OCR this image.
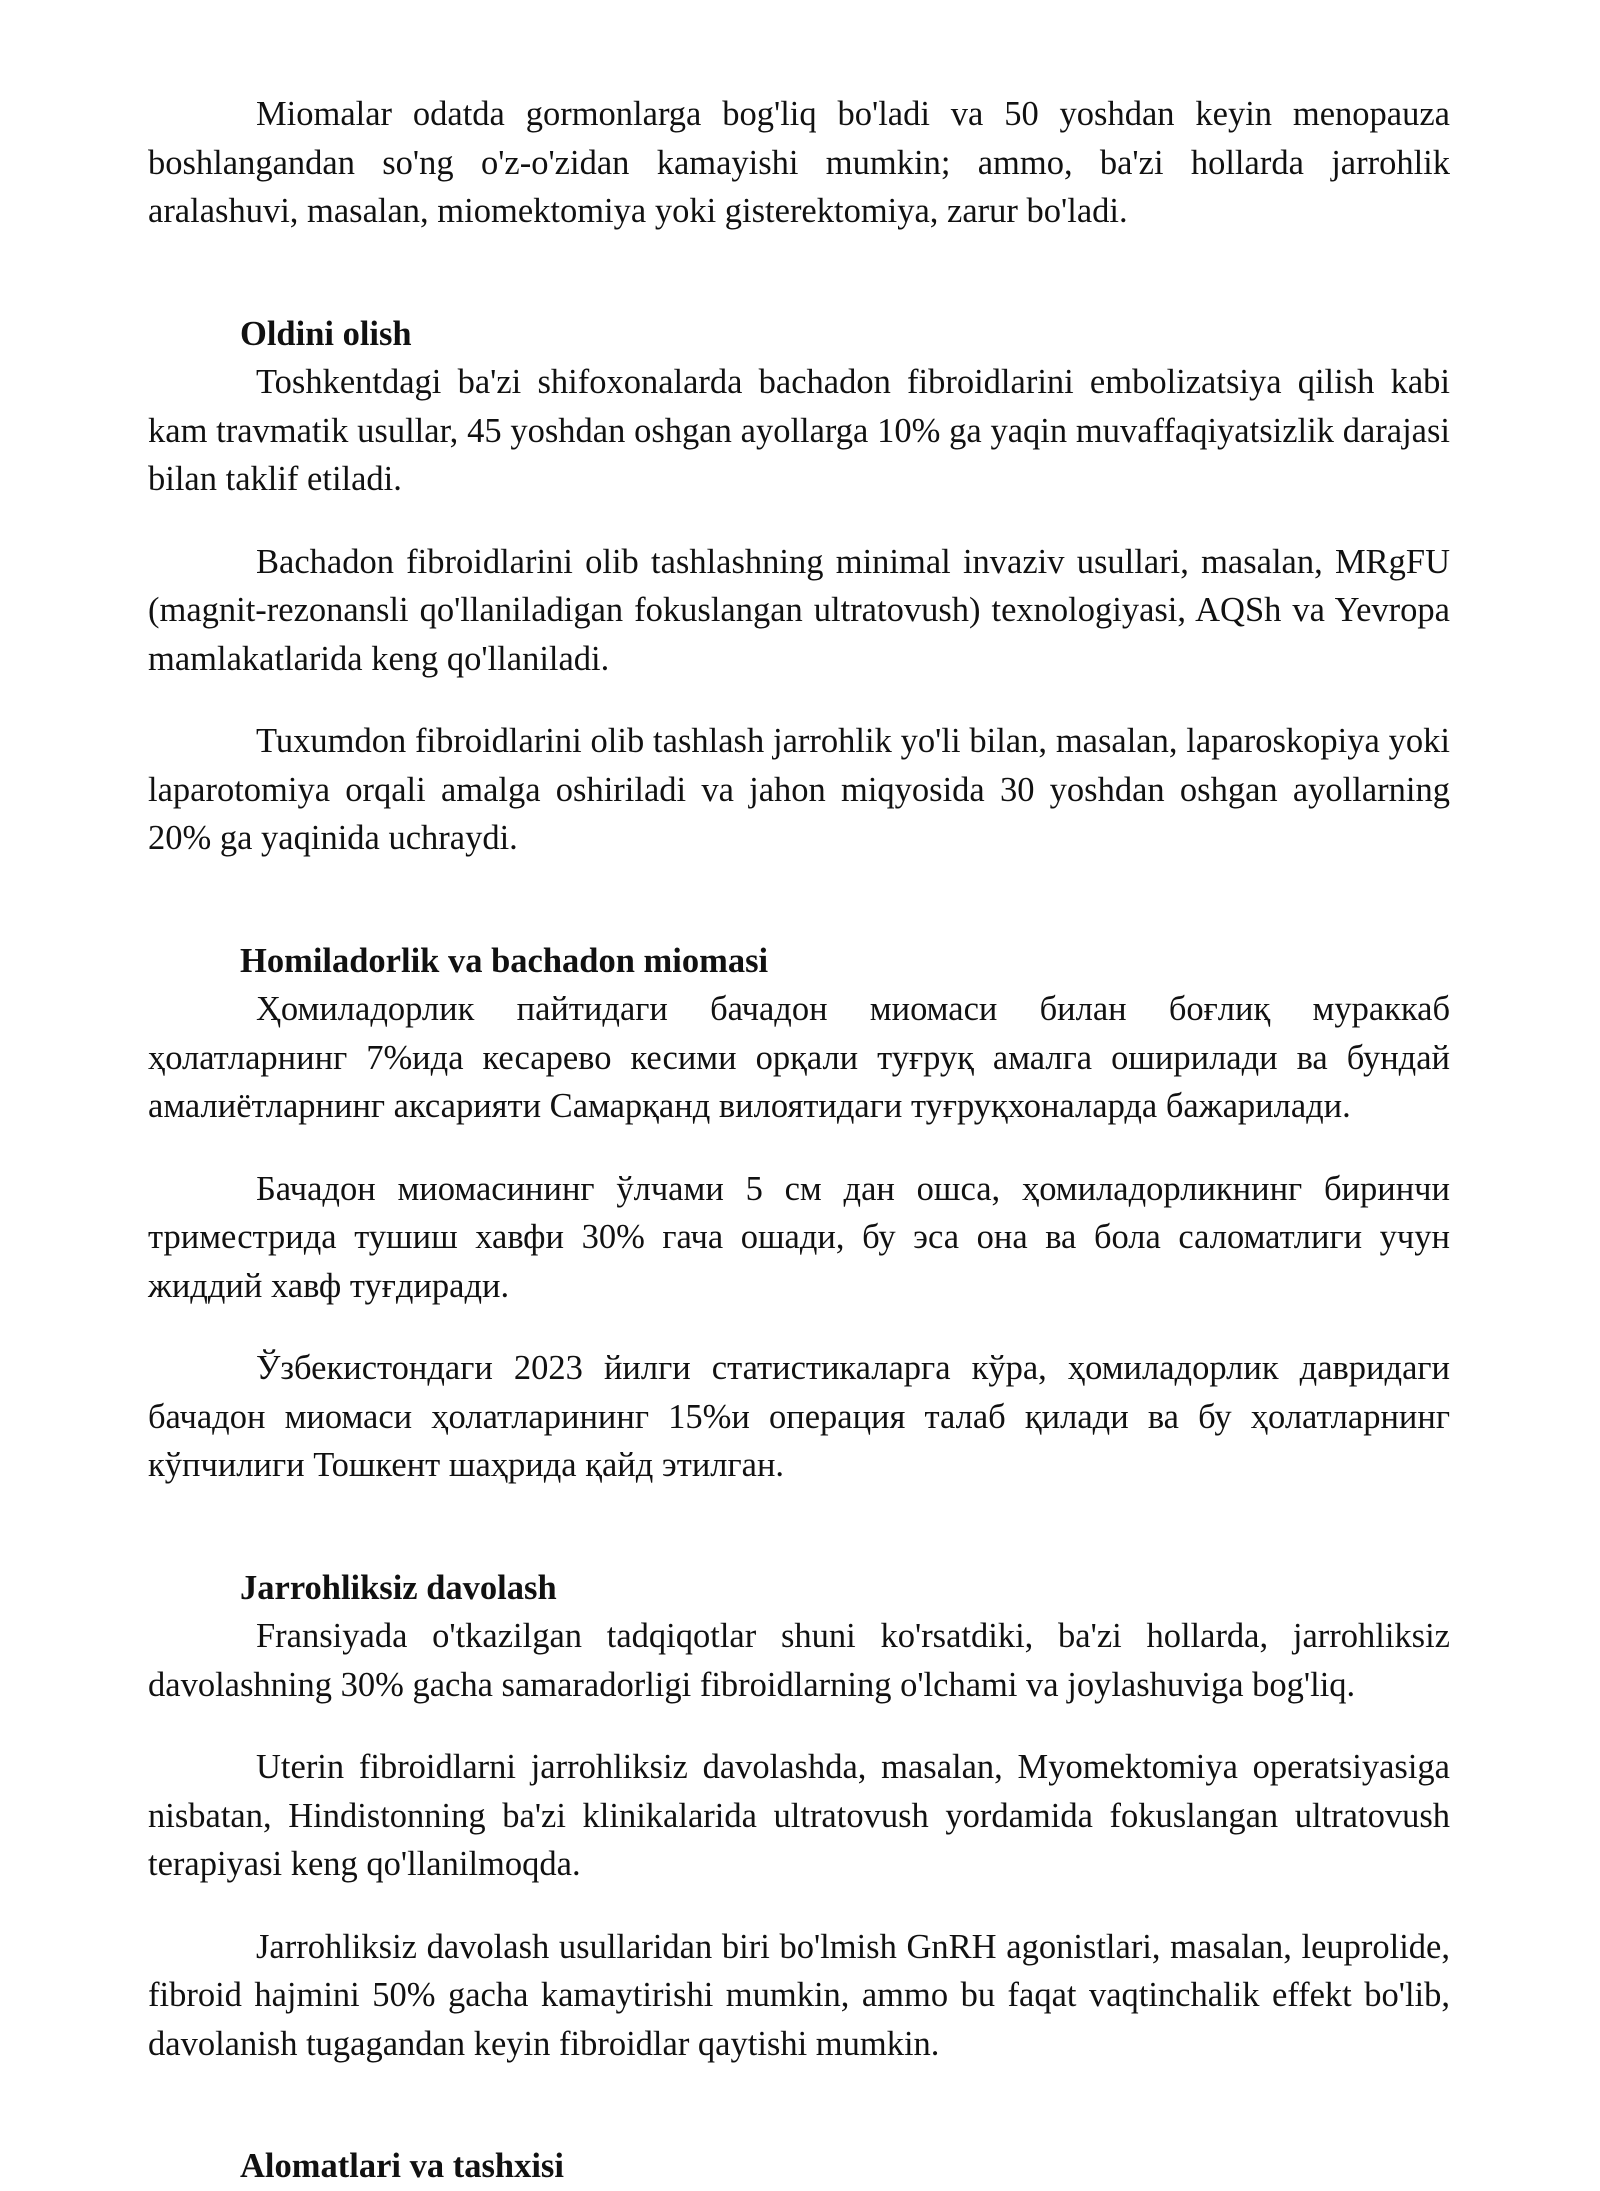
Miomalar odatda gormonlarga bog'liq bo'ladi va 50 yoshdan keyin menopauza boshlangandan so'ng o'z-o'zidan kamayishi mumkin; ammo, ba'zi hollarda jarrohlik aralashuvi, masalan, miomektomiya yoki gisterektomiya, zarur bo'ladi.

Oldini olish

Toshkentdagi ba'zi shifoxonalarda bachadon fibroidlarini embolizatsiya qilish kabi kam travmatik usullar, 45 yoshdan oshgan ayollarga 10% ga yaqin muvaffaqiyatsizlik darajasi bilan taklif etiladi.

Bachadon fibroidlarini olib tashlashning minimal invaziv usullari, masalan, MRgFU (magnit-rezonansli qo'llaniladigan fokuslangan ultratovush) texnologiyasi, AQSh va Yevropa mamlakatlarida keng qo'llaniladi.

Tuxumdon fibroidlarini olib tashlash jarrohlik yo'li bilan, masalan, laparoskopiya yoki laparotomiya orqali amalga oshiriladi va jahon miqyosida 30 yoshdan oshgan ayollarning 20% ga yaqinida uchraydi.

Homiladorlik va bachadon miomasi

Ҳомиладорлик пайтидаги бачадон миомаси билан боғлиқ мураккаб ҳолатларнинг 7%ида кесарево кесими орқали туғруқ амалга оширилади ва бундай амалиётларнинг аксарияти Самарқанд вилоятидаги туғруқхоналарда бажарилади.

Бачадон миомасининг ўлчами 5 см дан ошса, ҳомиладорликнинг биринчи триместрида тушиш хавфи 30% гача ошади, бу эса она ва бола саломатлиги учун жиддий хавф туғдиради.

Ўзбекистондаги 2023 йилги статистикаларга кўра, ҳомиладорлик давридаги бачадон миомаси ҳолатларининг 15%и операция талаб қилади ва бу ҳолатларнинг кўпчилиги Тошкент шаҳрида қайд этилган.

Jarrohliksiz davolash

Fransiyada o'tkazilgan tadqiqotlar shuni ko'rsatdiki, ba'zi hollarda, jarrohliksiz davolashning 30% gacha samaradorligi fibroidlarning o'lchami va joylashuviga bog'liq.

Uterin fibroidlarni jarrohliksiz davolashda, masalan, Myomektomiya operatsiyasiga nisbatan, Hindistonning ba'zi klinikalarida ultratovush yordamida fokuslangan ultratovush terapiyasi keng qo'llanilmoqda.

Jarrohliksiz davolash usullaridan biri bo'lmish GnRH agonistlari, masalan, leuprolide, fibroid hajmini 50% gacha kamaytirishi mumkin, ammo bu faqat vaqtinchalik effekt bo'lib, davolanish tugagandan keyin fibroidlar qaytishi mumkin.

Alomatlari va tashxisi
